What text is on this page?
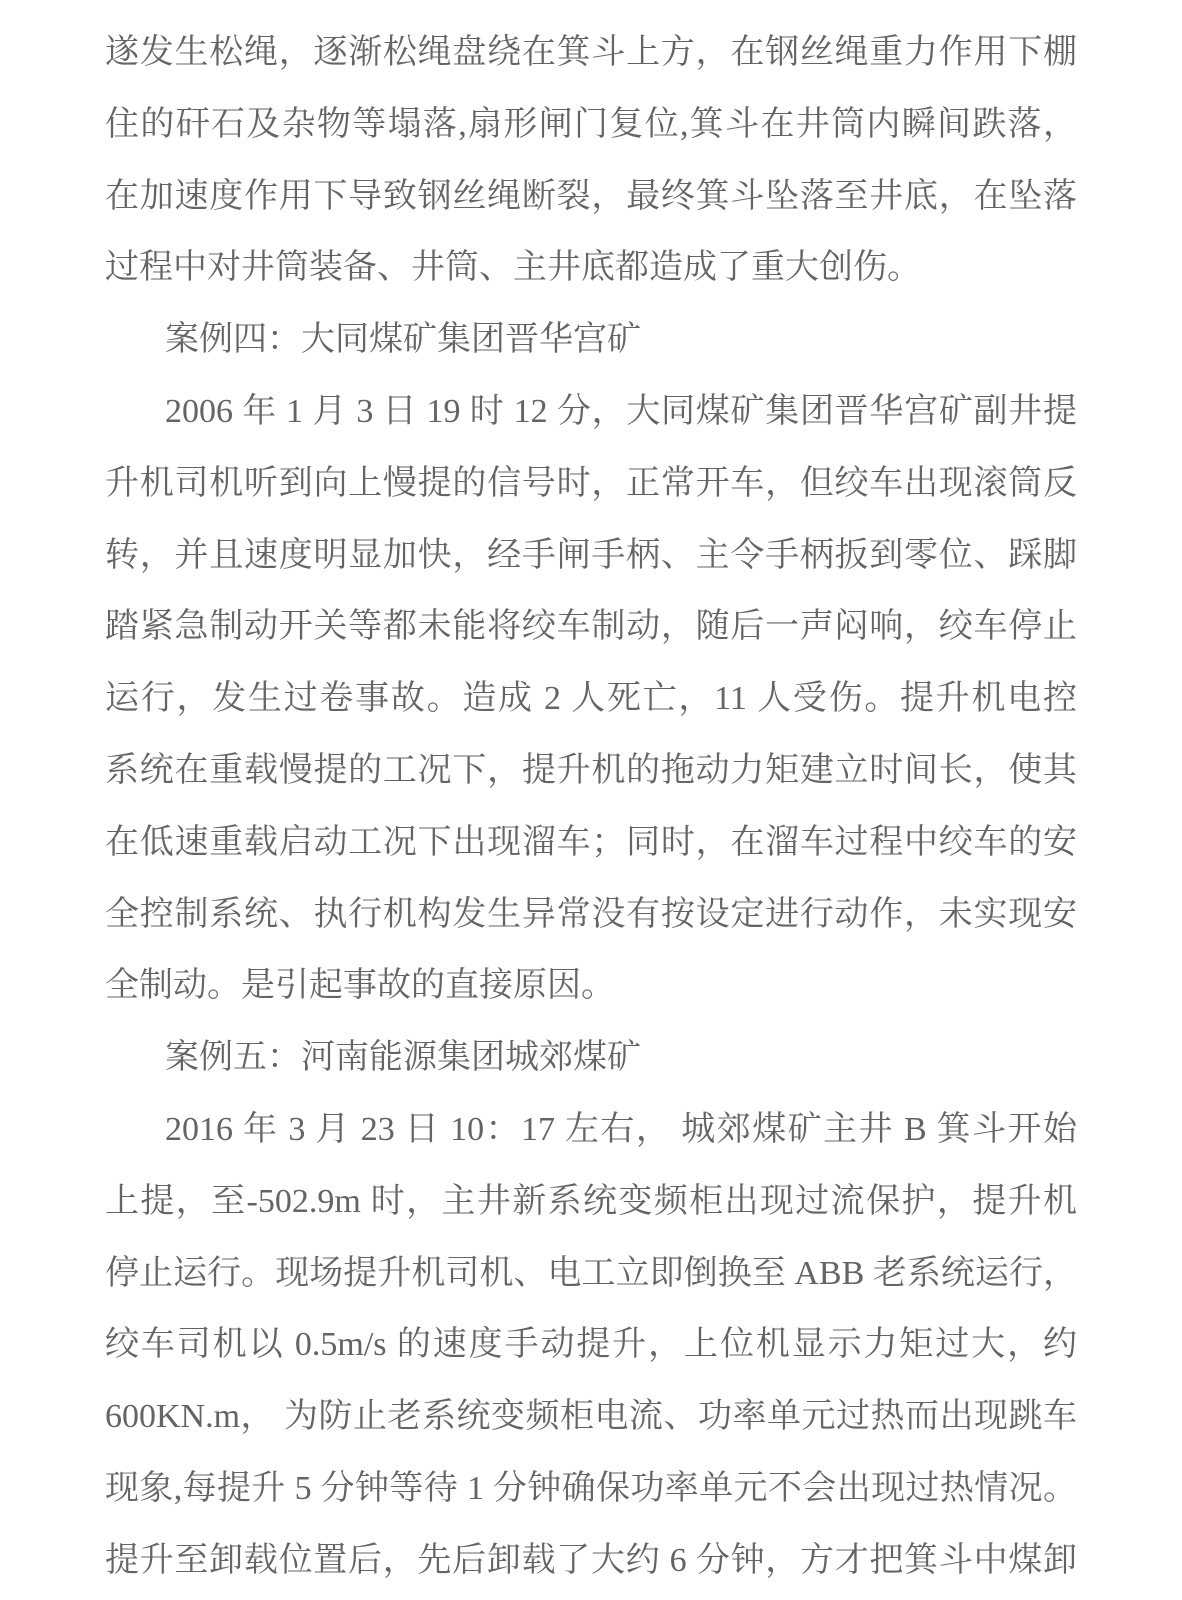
遂发生松绳，逐渐松绳盘绕在箕斗上方，在钢丝绳重力作用下棚
住的矸石及杂物等塌落,扇形闸门复位,箕斗在井筒内瞬间跌落，
在加速度作用下导致钢丝绳断裂，最终箕斗坠落至井底，在坠落
过程中对井筒装备、井筒、主井底都造成了重大创伤。
案例四：大同煤矿集团晋华宫矿
2006 年 1 月 3 日 19 时 12 分，大同煤矿集团晋华宫矿副井提
升机司机听到向上慢提的信号时，正常开车，但绞车出现滚筒反
转，并且速度明显加快，经手闸手柄、主令手柄扳到零位、踩脚
踏紧急制动开关等都未能将绞车制动，随后一声闷响，绞车停止
运行，发生过卷事故。造成 2 人死亡，11 人受伤。提升机电控
系统在重载慢提的工况下，提升机的拖动力矩建立时间长，使其
在低速重载启动工况下出现溜车；同时，在溜车过程中绞车的安
全控制系统、执行机构发生异常没有按设定进行动作，未实现安
全制动。是引起事故的直接原因。
案例五：河南能源集团城郊煤矿
2016 年 3 月 23 日 10：17 左右， 城郊煤矿主井 B 箕斗开始
上提，至-502.9m 时，主井新系统变频柜出现过流保护，提升机
停止运行。现场提升机司机、电工立即倒换至 ABB 老系统运行，
绞车司机以 0.5m/s 的速度手动提升，上位机显示力矩过大，约
600KN.m， 为防止老系统变频柜电流、功率单元过热而出现跳车
现象,每提升 5 分钟等待 1 分钟确保功率单元不会出现过热情况。
提升至卸载位置后，先后卸载了大约 6 分钟，方才把箕斗中煤卸
